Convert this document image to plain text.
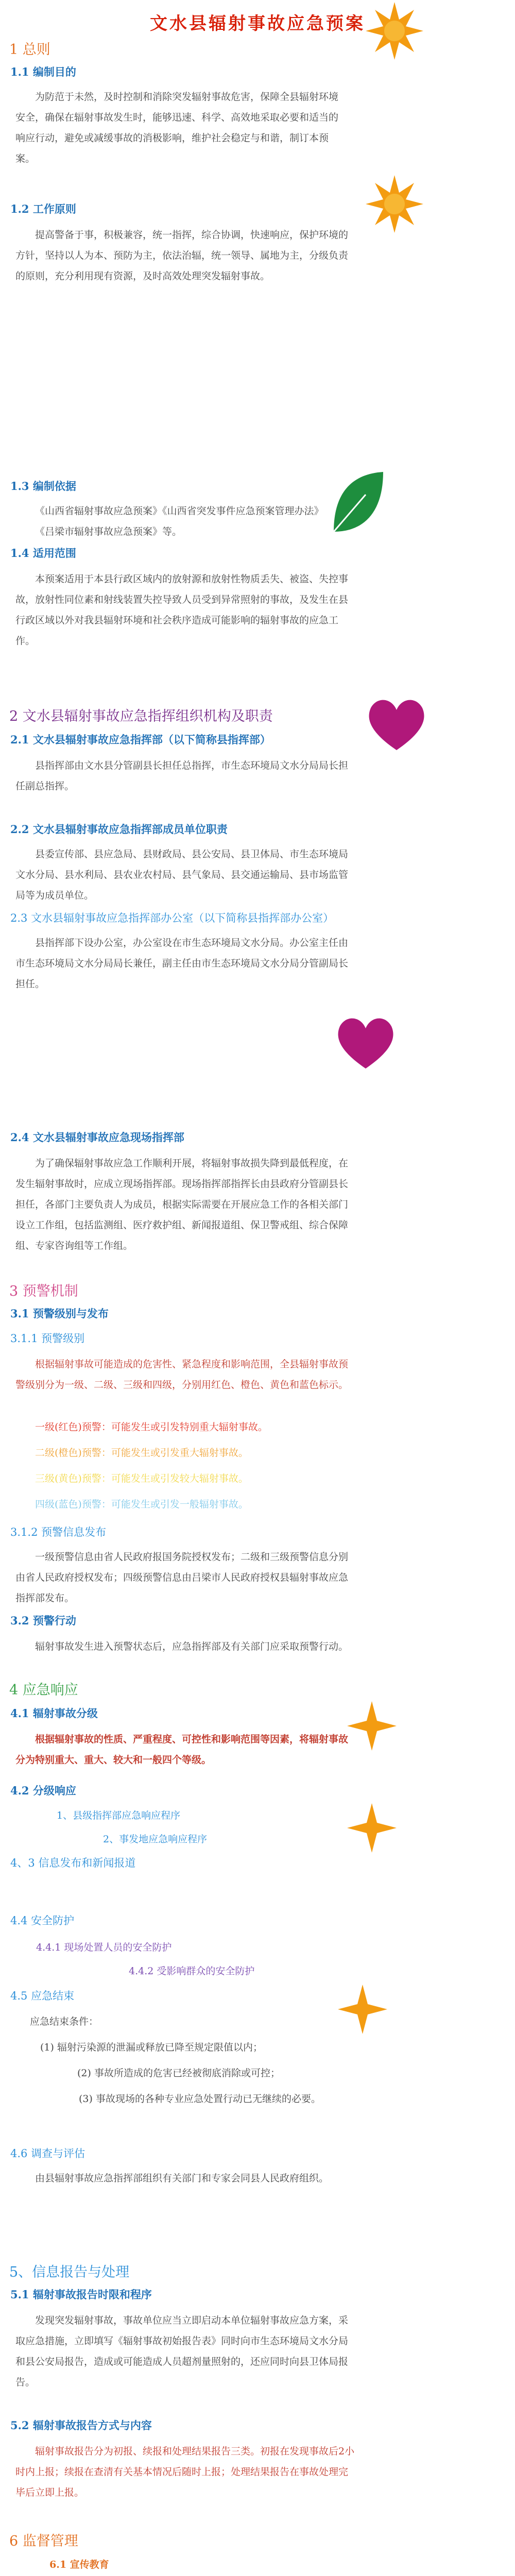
文水县辐射事故应急预案
1 总则
1.1 编制目的
为防范于未然，及时控制和消除突发辐射事故危害，保障全县辐射环境安全，确保在辐射事故发生时，能够迅速、科学、高效地采取必要和适当的响应行动，避免或减缓事故的消极影响，维护社会稳定与和谐，制订本预案。
1.2 工作原则
提高警备于事，积极兼容，统一指挥，综合协调，快速响应，保护环境的方针，坚持以人为本、预防为主，依法治辐，统一领导、属地为主，分级负责的原则，充分利用现有资源，及时高效处理突发辐射事故。
1.3 编制依据
《山西省辐射事故应急预案》《山西省突发事件应急预案管理办法》
《吕梁市辐射事故应急预案》等。
1.4 适用范围
本预案适用于本县行政区域内的放射源和放射性物质丢失、被盗、失控事故，放射性同位素和射线装置失控导致人员受到异常照射的事故，及发生在县行政区域以外对我县辐射环境和社会秩序造成可能影响的辐射事故的应急工作。
2 文水县辐射事故应急指挥组织机构及职责
2.1 文水县辐射事故应急指挥部（以下简称县指挥部）
县指挥部由文水县分管副县长担任总指挥，市生态环境局文水分局局长担任副总指挥。
2.2 文水县辐射事故应急指挥部成员单位职责
县委宣传部、县应急局、县财政局、县公安局、县卫体局、市生态环境局文水分局、县水利局、县农业农村局、县气象局、县交通运输局、县市场监管局等为成员单位。
2.3 文水县辐射事故应急指挥部办公室（以下简称县指挥部办公室）
县指挥部下设办公室，办公室设在市生态环境局文水分局。办公室主任由市生态环境局文水分局局长兼任，副主任由市生态环境局文水分局分管副局长担任。
2.4 文水县辐射事故应急现场指挥部
为了确保辐射事故应急工作顺利开展，将辐射事故损失降到最低程度，在发生辐射事故时，应成立现场指挥部。现场指挥部指挥长由县政府分管副县长担任，各部门主要负责人为成员，根据实际需要在开展应急工作的各相关部门设立工作组，包括监测组、医疗救护组、新闻报道组、保卫警戒组、综合保障组、专家咨询组等工作组。
3 预警机制
3.1 预警级别与发布
3.1.1 预警级别
根据辐射事故可能造成的危害性、紧急程度和影响范围，全县辐射事故预警级别分为一级、二级、三级和四级，分别用红色、橙色、黄色和蓝色标示。
一级(红色)预警：可能发生或引发特别重大辐射事故。
二级(橙色)预警：可能发生或引发重大辐射事故。
三级(黄色)预警：可能发生或引发较大辐射事故。
四级(蓝色)预警：可能发生或引发一般辐射事故。
3.1.2 预警信息发布
一级预警信息由省人民政府报国务院授权发布；二级和三级预警信息分别由省人民政府授权发布；四级预警信息由吕梁市人民政府授权县辐射事故应急指挥部发布。
3.2 预警行动
辐射事故发生进入预警状态后，应急指挥部及有关部门应采取预警行动。
4 应急响应
4.1 辐射事故分级
根据辐射事故的性质、严重程度、可控性和影响范围等因素，将辐射事故分为特别重大、重大、较大和一般四个等级。
4.2 分级响应
1、县级指挥部应急响应程序
2、事发地应急响应程序
4、3 信息发布和新闻报道
4.4 安全防护
4.4.1 现场处置人员的安全防护
4.4.2 受影响群众的安全防护
4.5 应急结束
应急结束条件：
(1) 辐射污染源的泄漏或释放已降至规定限值以内；
(2) 事故所造成的危害已经被彻底消除或可控；
(3) 事故现场的各种专业应急处置行动已无继续的必要。
4.6 调查与评估
由县辐射事故应急指挥部组织有关部门和专家会同县人民政府组织。
5、信息报告与处理
5.1 辐射事故报告时限和程序
发现突发辐射事故，事故单位应当立即启动本单位辐射事故应急方案，采取应急措施，立即填写《辐射事故初始报告表》同时向市生态环境局文水分局和县公安局报告，造成或可能造成人员超剂量照射的，还应同时向县卫体局报告。
5.2 辐射事故报告方式与内容
辐射事故报告分为初报、续报和处理结果报告三类。初报在发现事故后2小时内上报；续报在查清有关基本情况后随时上报；处理结果报告在事故处理完毕后立即上报。
6 监督管理
6.1 宣传教育
